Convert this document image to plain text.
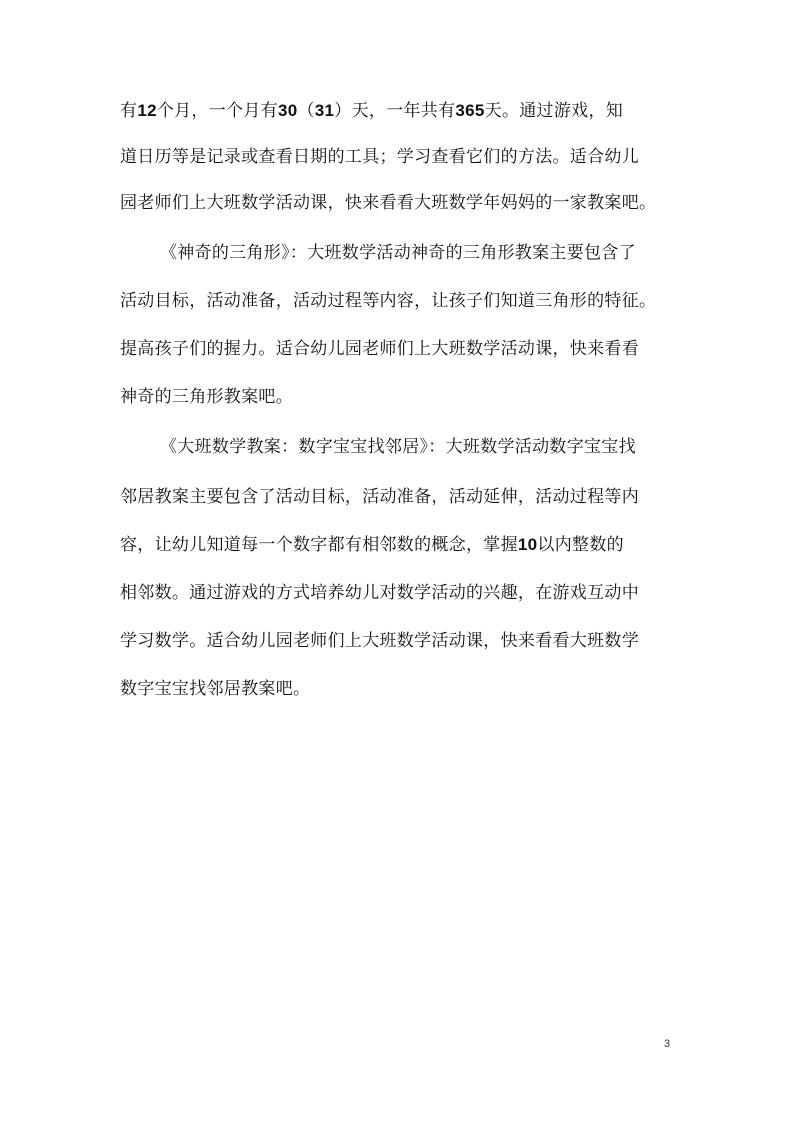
有12个月，一个月有30（31）天，一年共有365天。通过游戏，知
道日历等是记录或查看日期的工具；学习查看它们的方法。适合幼儿
园老师们上大班数学活动课，快来看看大班数学年妈妈的一家教案吧。
《神奇的三角形》：大班数学活动神奇的三角形教案主要包含了
活动目标，活动准备，活动过程等内容，让孩子们知道三角形的特征。
提高孩子们的握力。适合幼儿园老师们上大班数学活动课，快来看看
神奇的三角形教案吧。
《大班数学教案：数字宝宝找邻居》：大班数学活动数字宝宝找
邻居教案主要包含了活动目标，活动准备，活动延伸，活动过程等内
容，让幼儿知道每一个数字都有相邻数的概念，掌握10以内整数的
相邻数。通过游戏的方式培养幼儿对数学活动的兴趣，在游戏互动中
学习数学。适合幼儿园老师们上大班数学活动课，快来看看大班数学
数字宝宝找邻居教案吧。
3
